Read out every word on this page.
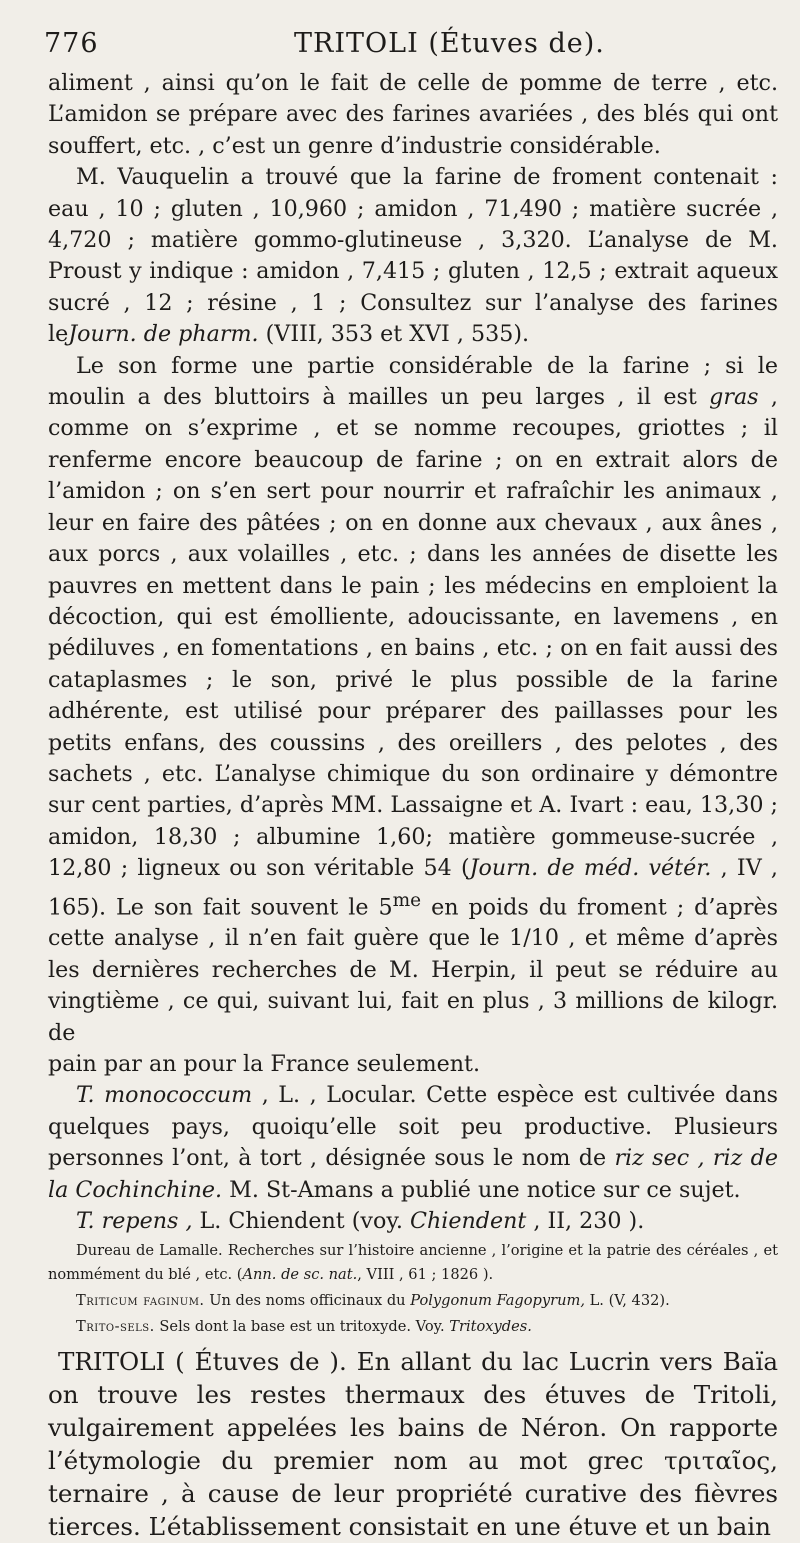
776	TRITOLI (Étuves de).

aliment , ainsi qu’on le fait de celle de pomme de terre , etc. L’amidon se prépare avec des farines avariées , des blés qui ont souffert, etc. , c’est un genre d’industrie considérable.

M. Vauquelin a trouvé que la farine de froment contenait : eau , 10 ; gluten , 10,960 ; amidon , 71,490 ; matière sucrée , 4,720 ; matière gommo-glutineuse , 3,320. L’analyse de M. Proust y indique : amidon , 7,415 ; gluten , 12,5 ; extrait aqueux sucré , 12 ; résine , 1 ; Consultez sur l’analyse des farines leJourn. de pharm. (VIII, 353 et XVI , 535).

Le son forme une partie considérable de la farine ; si le moulin a des bluttoirs à mailles un peu larges , il est gras , comme on s’exprime , et se nomme recoupes, griottes ; il renferme encore beaucoup de farine ; on en extrait alors de l’amidon ; on s’en sert pour nourrir et rafraîchir les animaux , leur en faire des pâtées ; on en donne aux chevaux , aux ânes , aux porcs , aux volailles , etc. ; dans les années de disette les pauvres en mettent dans le pain ; les médecins en emploient la décoction, qui est émolliente, adoucissante, en lavemens , en pédiluves , en fomentations , en bains , etc. ; on en fait aussi des cataplasmes ; le son, privé le plus possible de la farine adhérente, est utilisé pour préparer des paillasses pour les petits enfans, des coussins , des oreillers , des pelotes , des sachets , etc. L’analyse chimique du son ordinaire y démontre sur cent parties, d’après MM. Lassaigne et A. Ivart : eau, 13,30 ; amidon, 18,30 ; albumine 1,60; matière gommeuse-sucrée , 12,80 ; ligneux ou son véritable 54 (Journ. de méd. vétér. , IV , 165). Le son fait souvent le $5^{me}$ en poids du froment ; d’après cette analyse , il n’en fait guère que le 1/10 , et même d’après les dernières recherches de M. Herpin, il peut se réduire au vingtième , ce qui, suivant lui, fait en plus , 3 millions de kilogr. de

pain par an pour la France seulement.

T. monococcum , L. , Locular. Cette espèce est cultivée dans quelques pays, quoiqu’elle soit peu productive. Plusieurs personnes l’ont, à tort , désignée sous le nom de riz sec , riz de la Cochinchine. M. St-Amans a publié une notice sur ce sujet.

T. repens , L. Chiendent (voy. Chiendent , II, 230 ).

Dureau de Lamalle. Recherches sur l’histoire ancienne , l’origine et la patrie des céréales , et nommément du blé , etc. (Ann. de sc. nat., VIII , 61 ; 1826 ).

Triticum faginum. Un des noms officinaux du Polygonum Fagopyrum, L. (V, 432).

Trito-sels. Sels dont la base est un tritoxyde. Voy. Tritoxydes.

TRITOLI ( Étuves de ). En allant du lac Lucrin vers Baïa on trouve les restes thermaux des étuves de Tritoli, vulgairement appelées les bains de Néron. On rapporte l’étymologie du premier nom au mot grec τριταῖος, ternaire , à cause de leur propriété curative des fièvres tierces. L’établissement consistait en une étuve et un bain
